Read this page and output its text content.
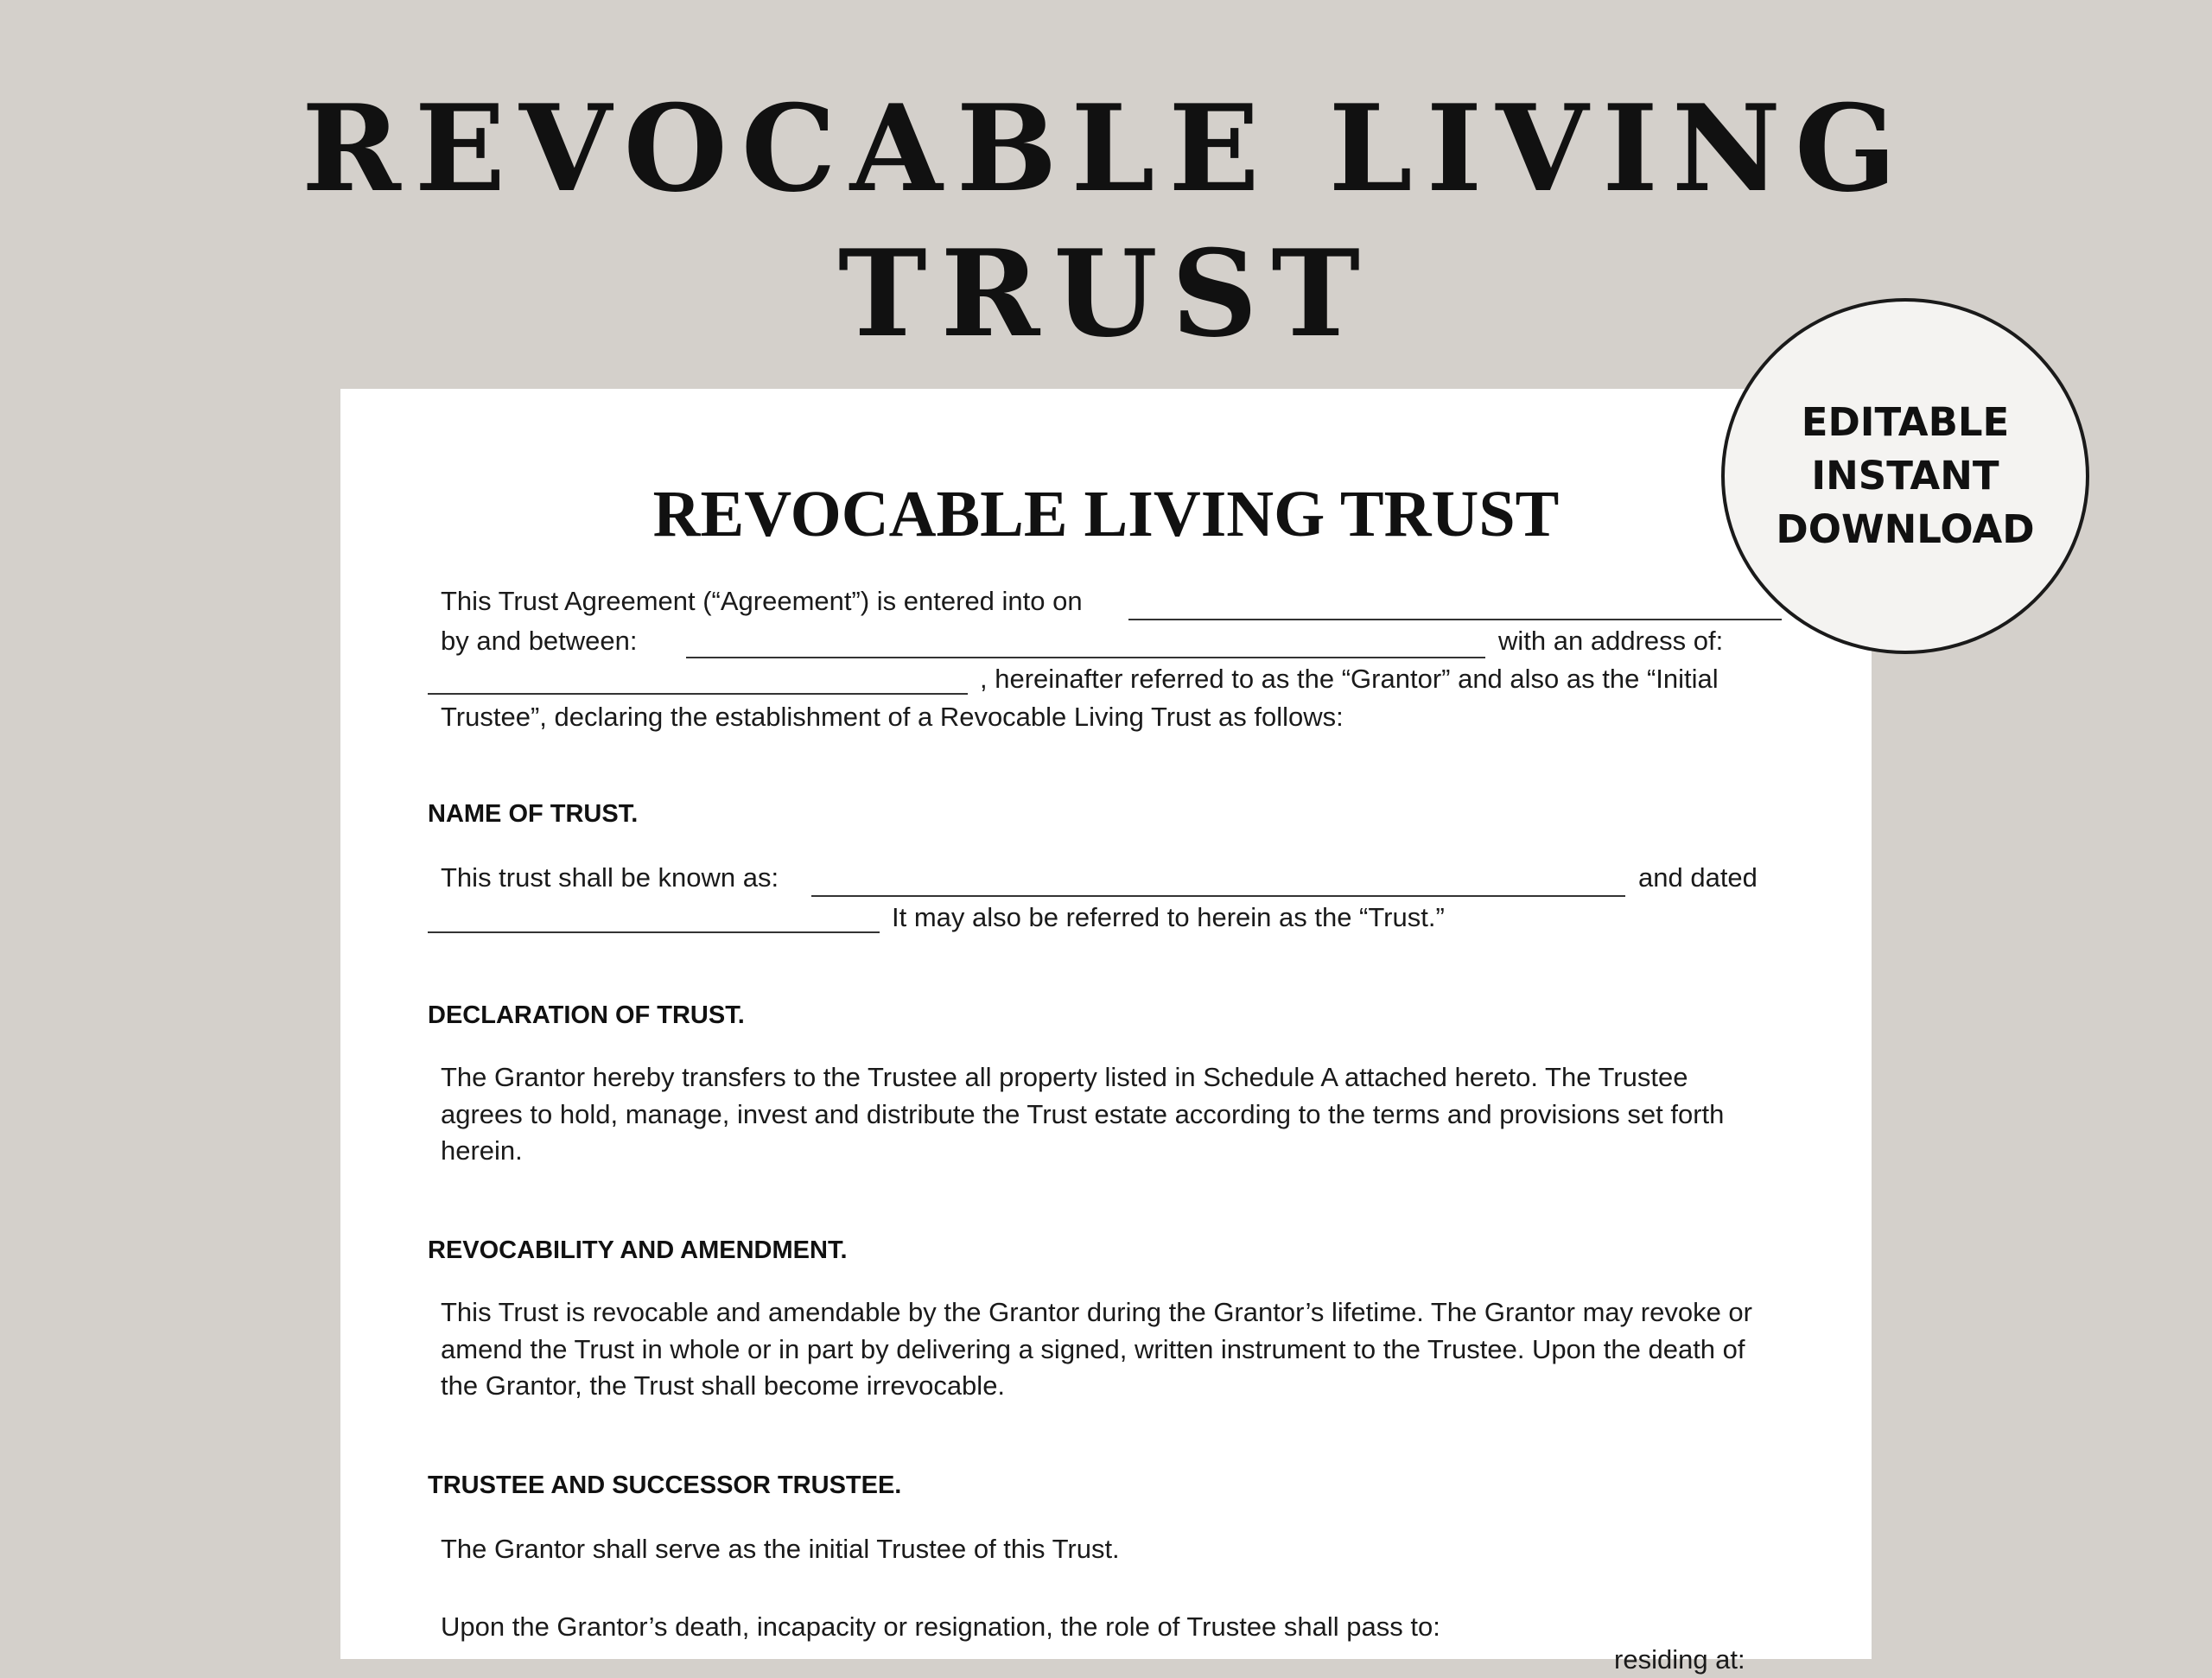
REVOCABLE LIVING
TRUST
REVOCABLE LIVING TRUST
This Trust Agreement (“Agreement”) is entered into on
by and between:	with an address of:
, hereinafter referred to as the “Grantor” and also as the “Initial
Trustee”, declaring the establishment of a Revocable Living Trust as follows:
NAME OF TRUST.
This trust shall be known as:	and dated
It may also be referred to herein as the “Trust.”
DECLARATION OF TRUST.

The Grantor hereby transfers to the Trustee all property listed in Schedule A attached hereto. The Trustee agrees to hold, manage, invest and distribute the Trust estate according to the terms and provisions set forth herein.

REVOCABILITY AND AMENDMENT.

This Trust is revocable and amendable by the Grantor during the Grantor’s lifetime. The Grantor may revoke or amend the Trust in whole or in part by delivering a signed, written instrument to the Trustee. Upon the death of the Grantor, the Trust shall become irrevocable.

TRUSTEE AND SUCCESSOR TRUSTEE.
The Grantor shall serve as the initial Trustee of this Trust.
Upon the Grantor’s death, incapacity or resignation, the role of Trustee shall pass to:
residing at:
EDITABLE
INSTANT
DOWNLOAD
